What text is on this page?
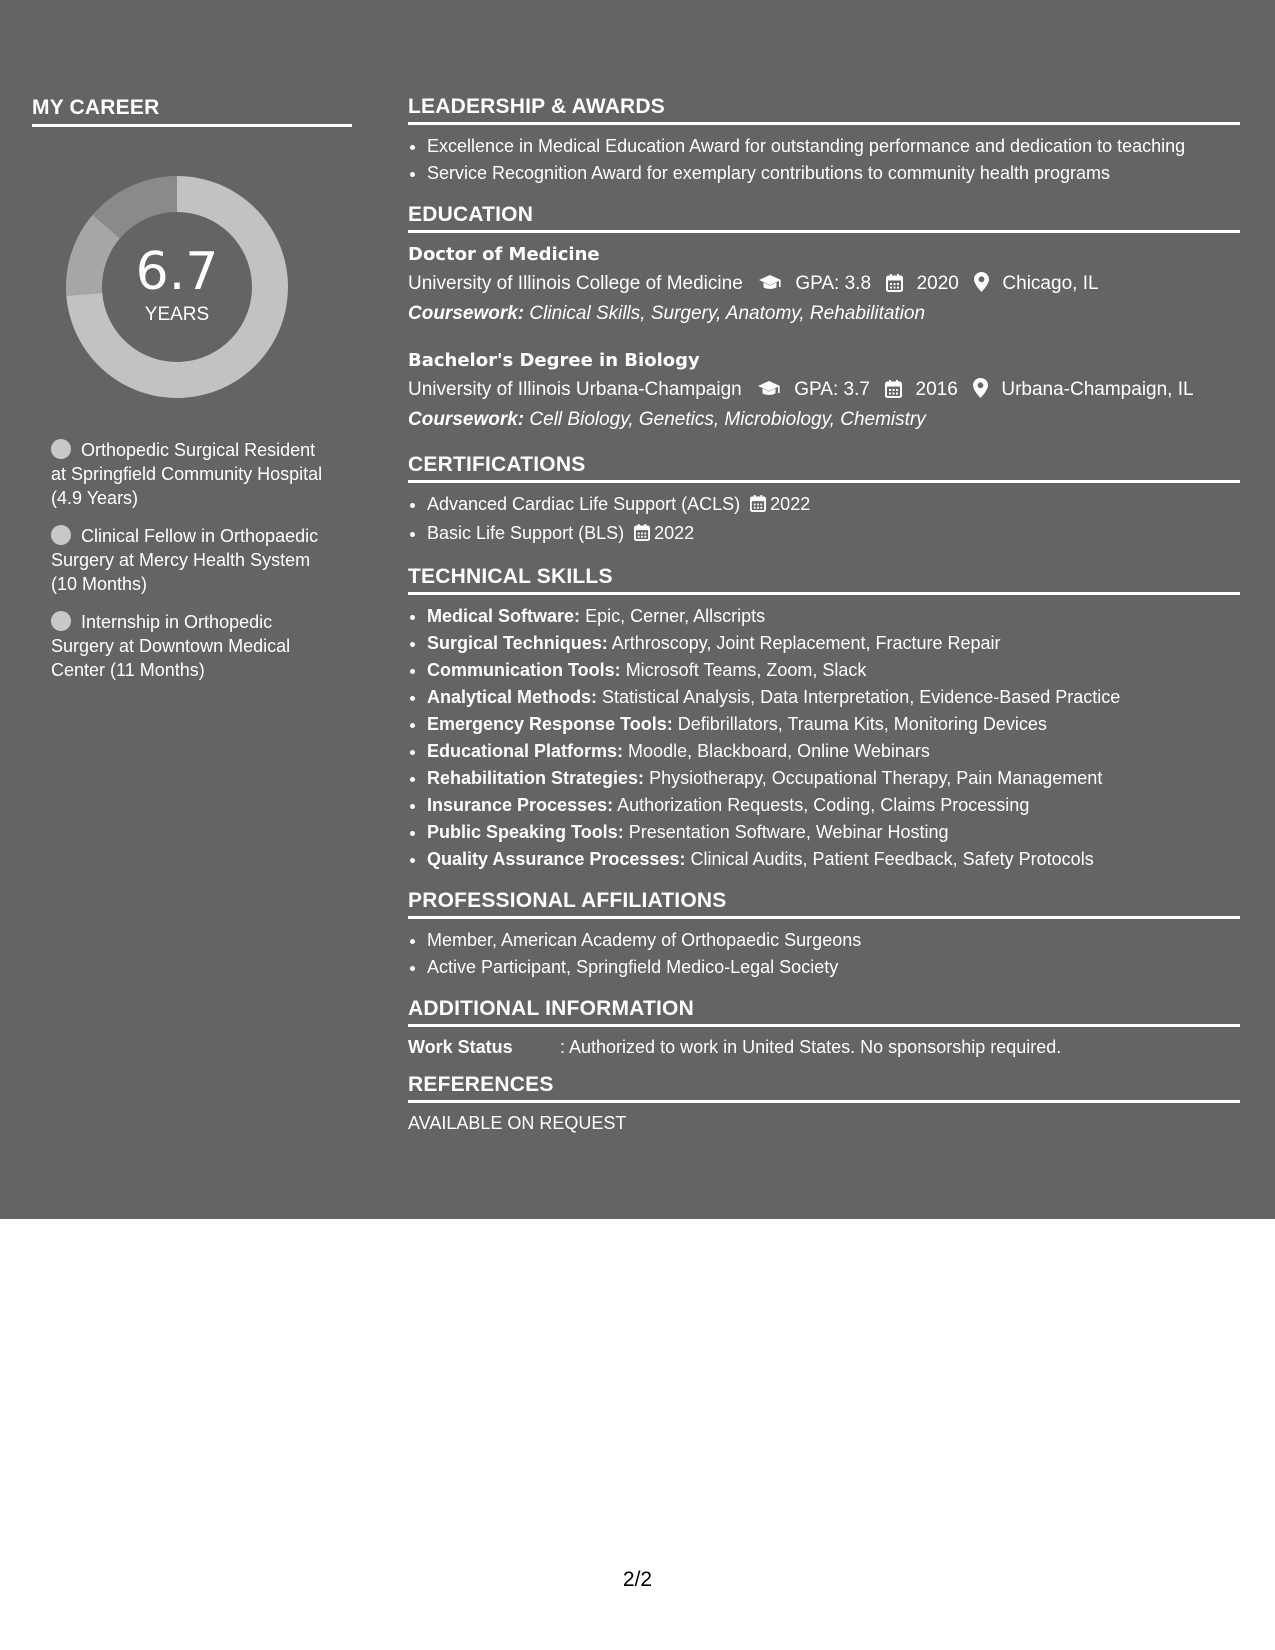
MY CAREER
6.7
YEARS
Orthopedic Surgical Resident at Springfield Community Hospital (4.9 Years)
Clinical Fellow in Orthopaedic Surgery at Mercy Health System (10 Months)
Internship in Orthopedic Surgery at Downtown Medical Center (11 Months)
LEADERSHIP & AWARDS
• Excellence in Medical Education Award for outstanding performance and dedication to teaching
• Service Recognition Award for exemplary contributions to community health programs
EDUCATION
Doctor of Medicine
University of Illinois College of Medicine	GPA: 3.8 2020 Chicago, IL
Coursework: Clinical Skills, Surgery, Anatomy, Rehabilitation
Bachelor's Degree in Biology
University of Illinois Urbana-Champaign	GPA: 3.7 2016 Urbana-Champaign, IL
Coursework: Cell Biology, Genetics, Microbiology, Chemistry
CERTIFICATIONS
• Advanced Cardiac Life Support (ACLS) 2022
• Basic Life Support (BLS) 2022
TECHNICAL SKILLS
• Medical Software: Epic, Cerner, Allscripts
• Surgical Techniques: Arthroscopy, Joint Replacement, Fracture Repair
• Communication Tools: Microsoft Teams, Zoom, Slack
• Analytical Methods: Statistical Analysis, Data Interpretation, Evidence-Based Practice
• Emergency Response Tools: Defibrillators, Trauma Kits, Monitoring Devices
• Educational Platforms: Moodle, Blackboard, Online Webinars
• Rehabilitation Strategies: Physiotherapy, Occupational Therapy, Pain Management
• Insurance Processes: Authorization Requests, Coding, Claims Processing
• Public Speaking Tools: Presentation Software, Webinar Hosting
• Quality Assurance Processes: Clinical Audits, Patient Feedback, Safety Protocols
PROFESSIONAL AFFILIATIONS
• Member, American Academy of Orthopaedic Surgeons
• Active Participant, Springfield Medico-Legal Society
ADDITIONAL INFORMATION
Work Status	: Authorized to work in United States. No sponsorship required.
REFERENCES
AVAILABLE ON REQUEST
2/2
